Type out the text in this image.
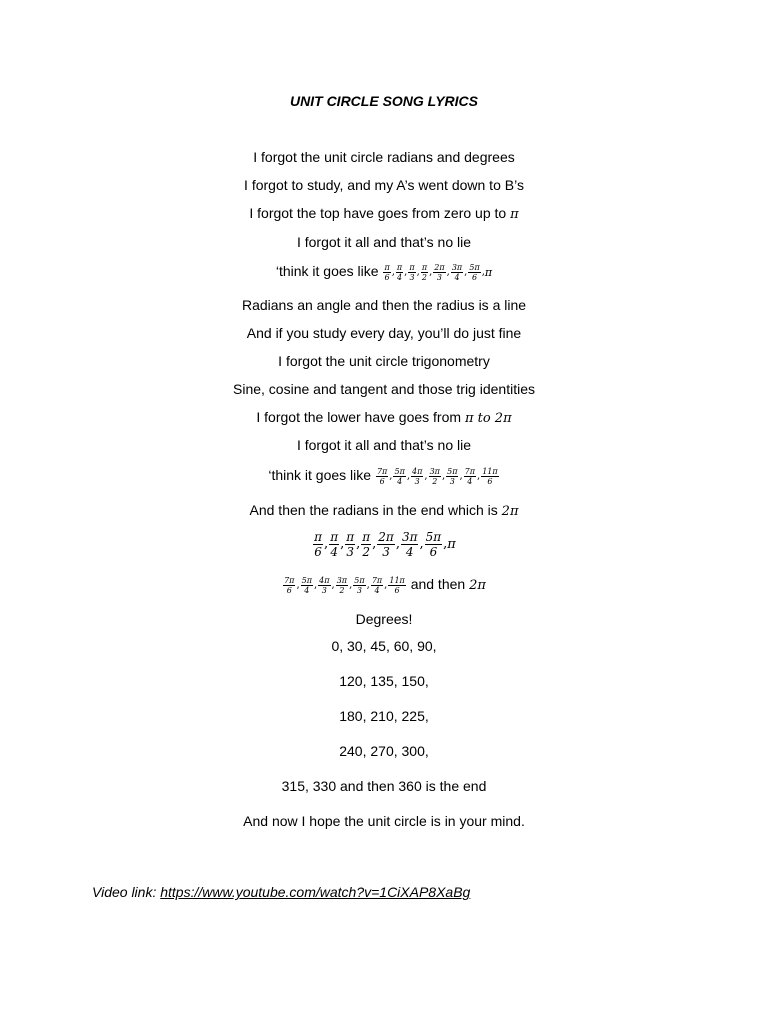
UNIT CIRCLE SONG LYRICS
I forgot the unit circle radians and degrees
I forgot to study, and my A’s went down to B’s
I forgot the top have goes from zero up to π
I forgot it all and that’s no lie
‘think it goes like $\frac{\pi}{6}$ , $\frac{\pi}{4}$ , $\frac{\pi}{3}$ , $\frac{\pi}{2}$ , $\frac{2\pi}{3}$ , $\frac{3\pi}{4}$ , $\frac{5\pi}{6} ,\pi$
Radians an angle and then the radius is a line
And if you study every day, you’ll do just fine
I forgot the unit circle trigonometry
Sine, cosine and tangent and those trig identities
I forgot the lower have goes from π to 2π
I forgot it all and that’s no lie
‘think it goes like $\frac{7\pi}{6}$ , $\frac{5\pi}{4}$ , $\frac{4\pi}{3}$ , $\frac{3\pi}{2}$ , $\frac{5\pi}{3}$ , $\frac{7\pi}{4}$ , $\frac{11\pi}{6}$
And then the radians in the end which is 2π
$\frac{\pi}{6}$ , $\frac{\pi}{4}$ , $\frac{\pi}{3}$ , $\frac{\pi}{2}$ , $\frac{2\pi}{3}$ , $\frac{3\pi}{4}$ , $\frac{5\pi}{6} ,\pi$
$\frac{7\pi}{6}$ , $\frac{5\pi}{4}$ , $\frac{4\pi}{3}$ , $\frac{3\pi}{2}$ , $\frac{5\pi}{3}$ , $\frac{7\pi}{4}$ , $\frac{11\pi}{6}$ and then 2π
Degrees!
0, 30, 45, 60, 90,
120, 135, 150,
180, 210, 225,
240, 270, 300,
315, 330 and then 360 is the end
And now I hope the unit circle is in your mind.
Video link: https://www.youtube.com/watch?v=1CiXAP8XaBg
